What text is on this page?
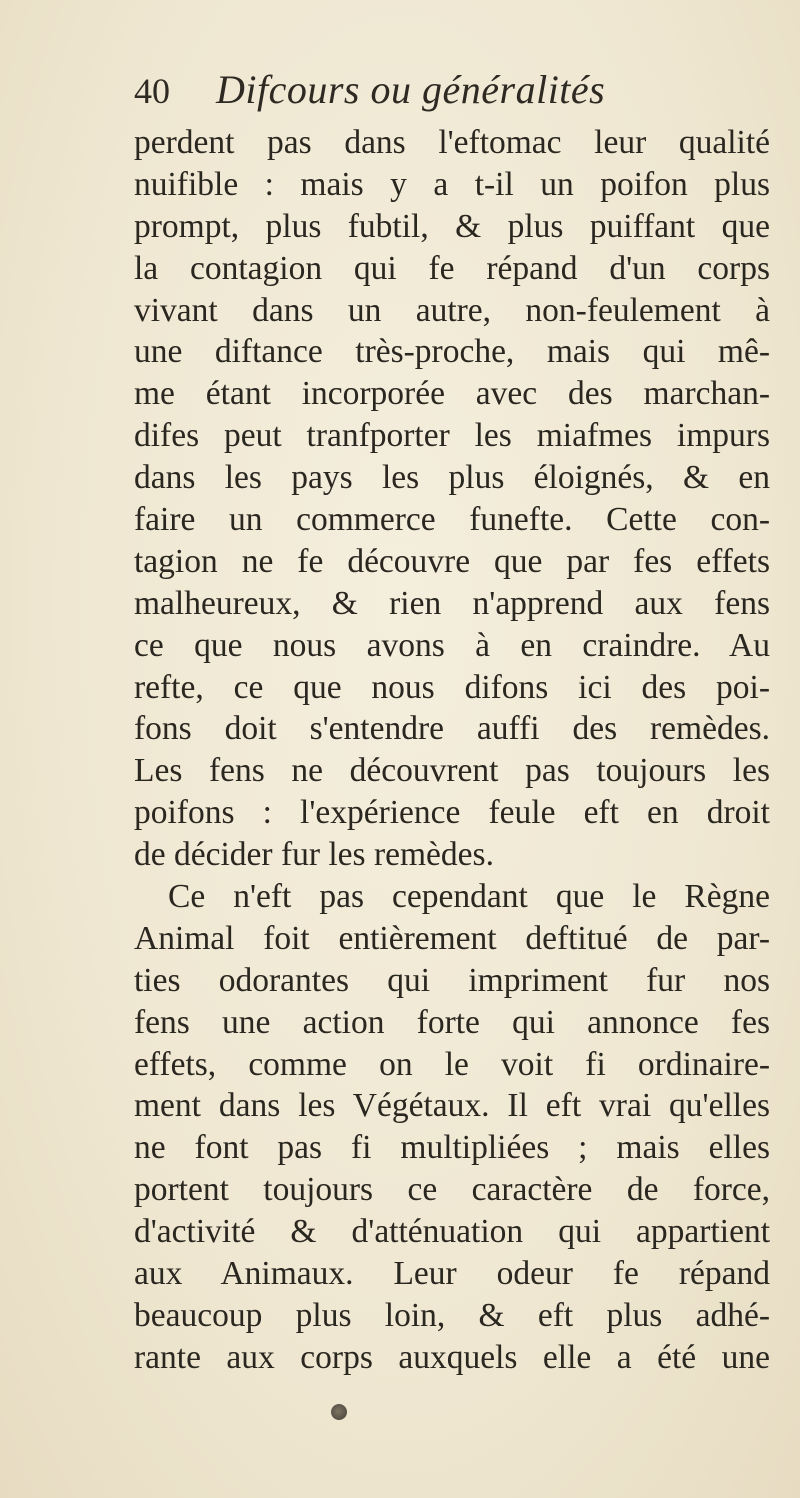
40 Difcours ou généralités
perdent pas dans l'eftomac leur qualité
nuifible : mais y a t-il un poifon plus
prompt, plus fubtil, & plus puiffant que
la contagion qui fe répand d'un corps
vivant dans un autre, non-feulement à
une diftance très-proche, mais qui mê-
me étant incorporée avec des marchan-
difes peut tranfporter les miafmes impurs
dans les pays les plus éloignés, & en
faire un commerce funefte. Cette con-
tagion ne fe découvre que par fes effets
malheureux, & rien n'apprend aux fens
ce que nous avons à en craindre. Au
refte, ce que nous difons ici des poi-
fons doit s'entendre auffi des remèdes.
Les fens ne découvrent pas toujours les
poifons : l'expérience feule eft en droit
de décider fur les remèdes.
Ce n'eft pas cependant que le Règne
Animal foit entièrement deftitué de par-
ties odorantes qui impriment fur nos
fens une action forte qui annonce fes
effets, comme on le voit fi ordinaire-
ment dans les Végétaux. Il eft vrai qu'elles
ne font pas fi multipliées ; mais elles
portent toujours ce caractère de force,
d'activité & d'atténuation qui appartient
aux Animaux. Leur odeur fe répand
beaucoup plus loin, & eft plus adhé-
rante aux corps auxquels elle a été une
